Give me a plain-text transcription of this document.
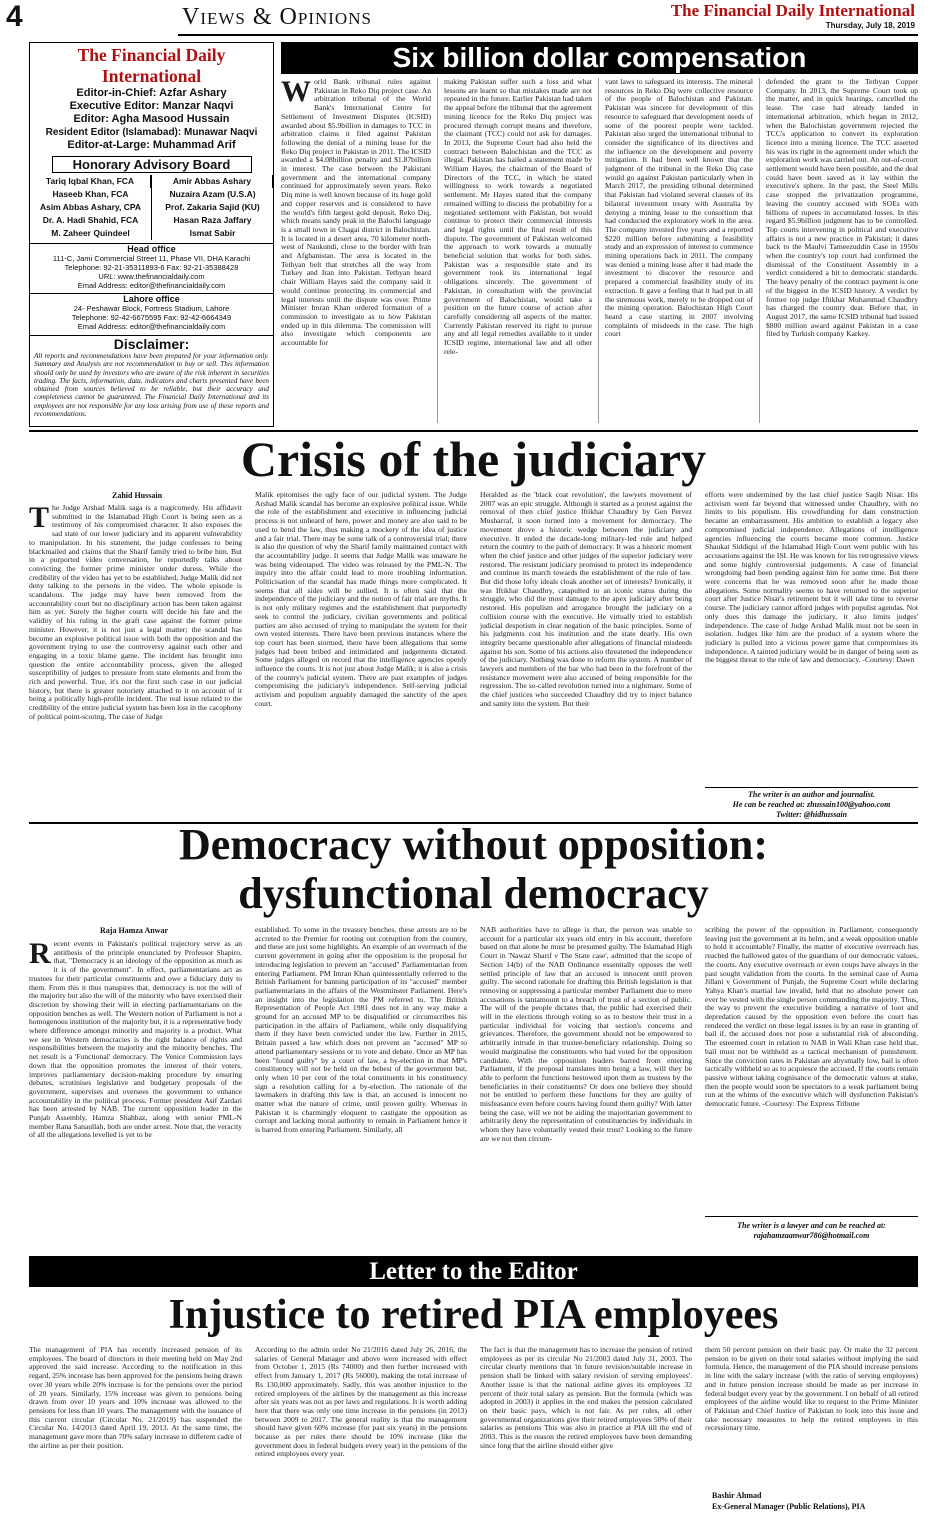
4	Views & Opinions	The Financial Daily International
Thursday, July 18, 2019
The Financial Daily International
Editor-in-Chief: Azfar Ashary
Executive Editor: Manzar Naqvi
Editor: Agha Masood Hussain
Resident Editor (Islamabad): Munawar Naqvi
Editor-at-Large: Muhammad Arif
Honorary Advisory Board
Tariq Iqbal Khan, FCA
Haseeb Khan, FCA
Asim Abbas Ashary, CPA
Dr. A. Hadi Shahid, FCA
M. Zaheer Quindeel
Amir Abbas Ashary
Nuzaira Azam (U.S.A)
Prof. Zakaria Sajid (KU)
Hasan Raza Jaffary
Ismat Sabir
Head office
111-C, Jami Commercial Street 11, Phase VII, DHA Karachi
Telephone: 92-21-35311893-6 Fax: 92-21-35388428
URL: www.thefinancialdaily.com
Email Address: editor@thefinancialdaily.com
Lahore office
24- Peshawar Block, Fortress Stadium, Lahore
Telephone: 92-42-6675595 Fax: 92-42-6664349
Email Address: editor@thefinancialdaily.com
Disclaimer:
All reports and recommendations have been prepared for your information only. Summary and Analysis are not recommendation to buy or sell. This information should only be used by investors who are aware of the risk inherent in securities trading. The facts, information, data, indicators and charts presented have been obtained from sources believed to be reliable, but their accuracy and completeness cannot be guaranteed. The Financial Daily International and its employees are not responsible for any loss arising from use of these reports and recommendations.
Six billion dollar compensation
World Bank tribunal rules against Pakistan in Reko Diq project case. An arbitration tribunal of the World Bank's International Centre for Settlement of Investment Disputes (ICSID) awarded about $5.9billion in damages to TCC in arbitration claims it filed against Pakistan following the denial of a mining lease for the Reko Diq project in Pakistan in 2011. The ICSID awarded a $4.08billion penalty and $1.87billion in interest. The case between the Pakistani government and the international company continued for approximately seven years. Reko Diq mine is well known because of its huge gold and copper reserves and is considered to have the world's fifth largest gold deposit. Reko Diq, which means sandy peak in the Balochi language is a small town in Chagai district in Balochistan. It is located in a desert area, 70 kilometer north-west of Naukundi, close to the border with Iran and Afghanistan. The area is located in the Tethyan belt that stretches all the way from Turkey and Iran into Pakistan. Tethyan heard chair William Hayes said the company said it would continue protecting its commercial and legal interests until the dispute was over. Prime Minister Imran Khan ordered formation of a commission to investigate as to how Pakistan ended up in this dilemma. The commission will also investigate which components are accountable for
making Pakistan suffer such a loss and what lessons are learnt so that mistakes made are not repeated in the future. Earlier Pakistan had taken the appeal before the tribunal that the agreement mining licence for the Reko Diq project was procured through corrupt means and therefore, the claimant (TCC) could not ask for damages. In 2013, the Supreme Court had also held the contract between Balochistan and the TCC as illegal. Pakistan has hailed a statement made by William Hayes, the chairman of the Board of Directors of the TCC, in which he stated willingness to work towards a negotiated settlement. Mr Hayes stated that the company remained willing to discuss the probability for a negotiated settlement with Pakistan, but would continue to protect their commercial interests and legal rights until the final result of this dispute. The government of Pakistan welcomed the approach to work towards a mutually beneficial solution that works for both sides. Pakistan was a responsible state and its government took its international legal obligations sincerely. The government of Pakistan, in consultation with the provincial government of Balochistan, would take a position on the future course of action after carefully considering all aspects of the matter. Currently Pakistan reserved its right to pursue any and all legal remedies available to it under ICSID regime, international law and all other rele-
vant laws to safeguard its interests. The mineral resources in Reko Diq were collective resource of the people of Balochistan and Pakistan. Pakistan was sincere for development of this resource to safeguard that development needs of some of the poorest people were tackled. Pakistan also urged the international tribunal to consider the significance of its directives and the influence on the development and poverty mitigation. It had been well known that the judgment of the tribunal in the Reko Diq case would go against Pakistan particularly when in March 2017, the presiding tribunal determined that Pakistan had violated several clauses of its bilateral investment treaty with Australia by denying a mining lease to the consortium that had conducted the exploratory work in the area. The company invested five years and a reported $220 million before submitting a feasibility study and an expression of interest to commence mining operations back in 2011. The company was denied a mining lease after it had made the investment to discover the resource and prepared a commercial feasibility study of its extraction. It gave a feeling that it had put in all the strenuous work, merely to be dropped out of the mining operation. Balochistan High Court heard a case starting in 2007 involving complaints of misdeeds in the case. The high court
defended the grant to the Tethyan Copper Company. In 2013, the Supreme Court took up the matter, and in quick hearings, cancelled the lease. The case had already landed in international arbitration, which began in 2012, when the Balochistan government rejected the TCC's application to convert its exploration licence into a mining licence. The TCC asserted his was its right in the agreement under which the exploration work was carried out. An out-of-court settlement would have been possible, and the deal could have been saved as it lay within the executive's sphere. In the past, the Steel Mills case stopped the privatization programme, leaving the country accused with SOEs with billions of rupees in accumulated losses. In this regard $5.9billion judgment has to be controlled. Top courts intervening in political and executive affairs is not a new practice in Pakistan; it dates back to the Maulvi Tameezuddin Case in 1950s when the country's top court had confirmed the dismissal of the Constituent Assembly in a verdict considered a hit to democratic standards. The heavy penalty of the contract payment is one of the biggest in the ICSID history. A verdict by former top judge Iftikhar Muhammad Chaudhry has charged the country dear. Before that, in August 2017, the same ICSID tribunal had issued $800 million award against Pakistan in a case filed by Turkish company Karkey.
Crisis of the judiciary
Zahid Hussain
The Judge Arshad Malik saga is a tragicomedy. His affidavit submitted in the Islamabad High Court is being seen as a testimony of his compromised character. It also exposes the sad state of our lower judiciary and its apparent vulnerability to manipulation. In his statement, the judge confesses to being blackmailed and claims that the Sharif family tried to bribe him. But in a purported video conversation, he reportedly talks about convicting the former prime minister under duress. While the credibility of the video has yet to be established, Judge Malik did not deny talking to the persons in the video. The whole episode is scandalous. The judge may have been removed from the accountability court but no disciplinary action has been taken against him as yet. Surely the higher courts will decide his fate and the validity of his ruling in the graft case against the former prime minister. However, it is not just a legal matter; the scandal has become an explosive political issue with both the opposition and the government trying to use the controversy against each other and engaging in a toxic blame game. The incident has brought into question the entire accountability process, given the alleged susceptibility of judges to pressure from state elements and from the rich and powerful. True, it's not the first such case in our judicial history, but there is greater notoriety attached to it on account of it being a politically high-profile incident. The real issue related to the credibility of the entire judicial system has been lost in the cacophony of political point-scoring. The case of Judge
Malik epitomises the ugly face of our judicial system. The Judge Arshad Malik scandal has become an explosive political issue. While the role of the establishment and executive in influencing judicial process is not unheard of here, power and money are also said to be used to bend the law, thus making a mockery of the idea of justice and a fair trial. There may be some talk of a controversial trial; there is also the question of why the Sharif family maintained contact with the accountability judge. It seems that Judge Malik was unaware he was being videotaped. The video was released by the PML-N. The inquiry into the affair could lead to more troubling information. Politicisation of the scandal has made things more complicated. It seems that all sides will be sullied. It is often said that the independence of the judiciary and the notion of fair trial are myths. It is not only military regimes and the establishment that purportedly seek to control the judiciary, civilian governments and political parties are also accused of trying to manipulate the system for their own vested interests. There have been previous instances where the top court has been stormed, there have been allegations that some judges had been bribed and intimidated and judgements dictated. Some judges alleged on record that the intelligence agencies openly influence the courts. It is not just about Judge Malik; it is also a crisis of the country's judicial system. There are past examples of judges compromising the judiciary's independence. Self-serving judicial activism and populism arguably damaged the sanctity of the apex court.
Heralded as the 'black coat revolution', the lawyers movement of 2007 was an epic struggle. Although it started as a protest against the removal of then chief justice Iftikhar Chaudhry by Gen Pervez Musharraf, it soon turned into a movement for democracy. The movement drove a historic wedge between the judiciary and executive. It ended the decade-long military-led rule and helped return the country to the path of democracy. It was a historic moment when the chief justice and other judges of the superior judiciary were restored. The resistant judiciary promised to protect its independence and continue its march towards the establishment of the rule of law. But did those lofty ideals cloak another set of interests? Ironically, it was Iftikhar Chaudhry, catapulted to an iconic status during the struggle, who did the most damage to the apex judiciary after being restored. His populism and arrogance brought the judiciary on a collision course with the executive. He virtually tried to establish judicial despotism in clear negation of the basic principles. Some of his judgments cost his institution and the state dearly. His own integrity became questionable after allegations of financial misdeeds against his son. Some of his actions also threatened the independence of the judiciary. Nothing was done to reform the system. A number of lawyers and members of the bar who had been in the forefront of the resistance movement were also accused of being responsible for the regression. The so-called revolution turned into a nightmare. Some of the chief justices who succeeded Chaudhry did try to inject balance and sanity into the system. But their
efforts were undermined by the last chief justice Saqib Nisar. His activism went far beyond that witnessed under Chaudhry, with no limits to his populism. His crowdfunding for dam construction became an embarrassment. His ambition to establish a legacy also compromised judicial independence. Allegations of intelligence agencies influencing the courts became more common. Justice Shaukat Siddiqui of the Islamabad High Court went public with his accusations against the ISI. He was known for his retrogressive views and some highly controversial judgements. A case of financial wrongdoing had been pending against him for some time. But there were concerns that he was removed soon after he made those allegations. Some normality seems to have returned to the superior court after Justice Nisar's retirement but it will take time to reverse course. The judiciary cannot afford judges with populist agendas. Not only does this damage the judiciary, it also limits judges' independence. The case of Judge Arshad Malik must not be seen in isolation. Judges like him are the product of a system where the judiciary is pulled into a vicious power game that compromises its independence. A tainted judiciary would be in danger of being seen as the biggest threat to the rule of law and democracy. -Courtesy: Dawn
The writer is an author and journalist.
He can be reached at: zhussain100@yahoo.com
Twitter: @hidhussain
Democracy without opposition:
dysfunctional democracy
Raja Hamza Anwar
Recent events in Pakistan's political trajectory serve as an antithesis of the principle enunciated by Professor Shapiro, that, "Democracy is an ideology of the opposition as much as it is of the government". In effect, parliamentarians act as trustees for their particular constituents and owe a fiduciary duty to them. From this it thus transpires that, democracy is not the will of the majority but also the will of the minority who have exercised their discretion by showing their will in electing parliamentarians on the opposition benches as well. The Western notion of Parliament is not a homogenous institution of the majority but, it is a representative body where difference amongst minority and majority is a product. What we see in Western democracies is the right balance of rights and responsibilities between the majority and the minority benches. The net result is a 'Functional' democracy. The Venice Commission lays down that the opposition promotes the interest of their voters, improves parliamentary decision-making procedure by ensuring debates, scrutinises legislative and budgetary proposals of the government, supervises and oversees the government to enhance accountability in the political process. Former president Asif Zardari has been arrested by NAB. The current opposition leader in the Punjab Assembly, Hamza Shahbaz, along with senior PML-N member Rana Sanaullah, both are under arrest. Note that, the veracity of all the allegations levelled is yet to be
established. To some in the treasury benches, these arrests are to be accreted to the Premier for rooting out corruption from the country, and these are just some highlights. An example of an overreach of the current government in going after the opposition is the proposal for introducing legislation to prevent an "accused" Parliamentarian from entering Parliament. PM Imran Khan quintessentially referred to the British Parliament for banning participation of its "accused" member parliamentarians in the affairs of the Westminster Parliament. Here's an insight into the legislation the PM referred to. The British Representation of People Act 1981 does not in any way make a ground for an accused MP to be disqualified or circumscribes his participation in the affairs of Parliament, while only disqualifying them if they have been convicted under the law. Further in 2015, Britain passed a law which does not prevent an "accused" MP to attend parliamentary sessions or to vote and debate. Once an MP has been "found guilty" by a court of law, a by-election in that MP's constituency will not be held on the behest of the government but, only when 10 per cent of the total constituents in his constituency sign a resolution calling for a by-election. The rationale of the lawmakers in drafting this law is that, an accused is innocent no matter what the nature of crime, until proven guilty. Whereas in Pakistan it is charmingly eloquent to castigate the opposition as corrupt and lacking moral authority to remain in Parliament hence it is barred from entering Parliament. Similarly, all
NAB authorities have to allege is that, the person was unable to account for a particular six years old entry in his account, therefore based on that alone he must be presumed guilty. The Islamabad High Court in 'Nawaz Sharif v The State case', admitted that the scope of Section 14(b) of the NAB Ordinance essentially opposes the well settled principle of law that an accused is innocent until proven guilty. The second rationale for drafting this British legislation is that removing or suppressing a particular member Parliament due to mere accusations is tantamount to a breach of trust of a section of public. The will of the people dictates that, the public had exercised their will in the elections through voting so as to bestow their trust in a particular individual for voicing that section's concerns and grievances. Therefore, the government should not be empowered to arbitrarily intrude in that trustee-beneficiary relationship. Doing so would marginalise the constituents who had voted for the opposition candidate. With the opposition leaders barred from entering Parliament, if the proposal translates into being a law, will they be able to perform the functions bestowed upon them as trustees by the beneficiaries in their constituents? Or does one believe they should not be entitled to perform these functions for they are guilty of misfeasance even before courts having found them guilty? With latter being the case, will we not be aiding the majoritarian government to arbitrarily deny the representation of constituencies by individuals in whom they have voluntarily vested their trust? Looking to the future are we not then circum-
scribing the power of the opposition in Parliament, consequently leaving just the government at its helm, and a weak opposition unable to hold it accountable? Finally, the matter of executive overreach has reached the hallowed gates of the guardians of our democratic values, the courts. Any executive overreach or even coups have always in the past sought validation from the courts. In the seminal case of Asma Jillani v Government of Punjab, the Supreme Court while declaring Yahya Khan's martial law invalid, held that no absolute power can ever be vested with the single person commanding the majority. Thus, the way to prevent the executive building a narrative of loot and depredation caused by the opposition even before the court has rendered the verdict on these legal issues is by an ease in granting of bail if, the accused does not pose a substantial risk of absconding. The esteemed court in relation to NAB in Wali Khan case held that, bail must not be withheld as a tactical mechanism of punishment. Since the conviction rates in Pakistan are abysmally low, bail is often tactically withheld so as to acquiesce the accused. If the courts remain passive without taking cognisance of the democratic values at stake, then the people would soon be spectators to a weak parliament being run at the whims of the executive which will dysfunction Pakistan's democratic future. -Courtesy: The Express Tribune
The writer is a lawyer and can be reached at:
rajahamzaanwar786@hotmail.com
Letter to the Editor
Injustice to retired PIA employees
The management of PIA has recently increased pension of its employees. The board of directors in their meeting held on May 2nd approved the said increase. According to the notification in this regard, 25% increase has been approved for the pensions being drawn over 30 years while 20% increase is for the pensions over the period of 20 years. Similarly, 15% increase was given to pensions being drawn from over 10 years and 10% increase was allowed to the pensions for less than 10 years. The management with the issuance of this current circular (Circular No. 21/2019) has suspended the Circular No. 14/2013 dated April 19, 2013. At the same time, the management gave more than 70% salary increase to different cadre of the airline as per their position.
According to the admin order No 21/2016 dated July 26, 2016, the salaries of General Manager and above were increased with effect from October 1, 2015 (Rs 74000) and then further increased with effect from January 1, 2017 (Rs 56000), making the total increase of Rs 130,000 approximately. Sadly, this was another injustice to the retired employees of the airlines by the management as this increase after six years was not as per laws and regulations. It is worth adding here that there was only one time increase in the pensions (in 2013) between 2009 to 2017. The general reality is that the management should have given 60% increase (for past six years) in the pensions because as per rules there should be 10% increase (like the government does in federal budgets every year) in the pensions of the retired employees every year.
The fact is that the management has to increase the pension of retired employees as per its circular No 21/2003 dated July 31, 2003. The circular clearly mentions that 'in future revision/suitable increase in pension shall be linked with salary revision of serving employees'. Another issue is that the national airline gives its employees 32 percent of their total salary as pension. But the formula (which was adopted in 2003) it applies in the end makes the pension calculated on their basic pays, which is not fair. As per rules, all other governmental organizations give their retired employees 50% of their salaries as pensions This was also in practice at PIA till the end of 2003. This is the reason the retired employees have been demanding since long that the airline should either give
them 50 percent pension on their basic pay. Or make the 32 percent pension to be given on their total salaries without implying the said formula. Hence, the management of the PIA should increase pensions in line with the salary increase (with the ratio of serving employees) and in future pension increase should be made as per increase in federal budget every year by the government. I on behalf of all retired employees of the airline would like to request to the Prime Minister of Pakistan and Chief Justice of Pakistan to look into this issue and take necessary measures to help the retired employees in this recessionary time.
Bashir Ahmad
Ex-General Manager (Public Relations), PIA
